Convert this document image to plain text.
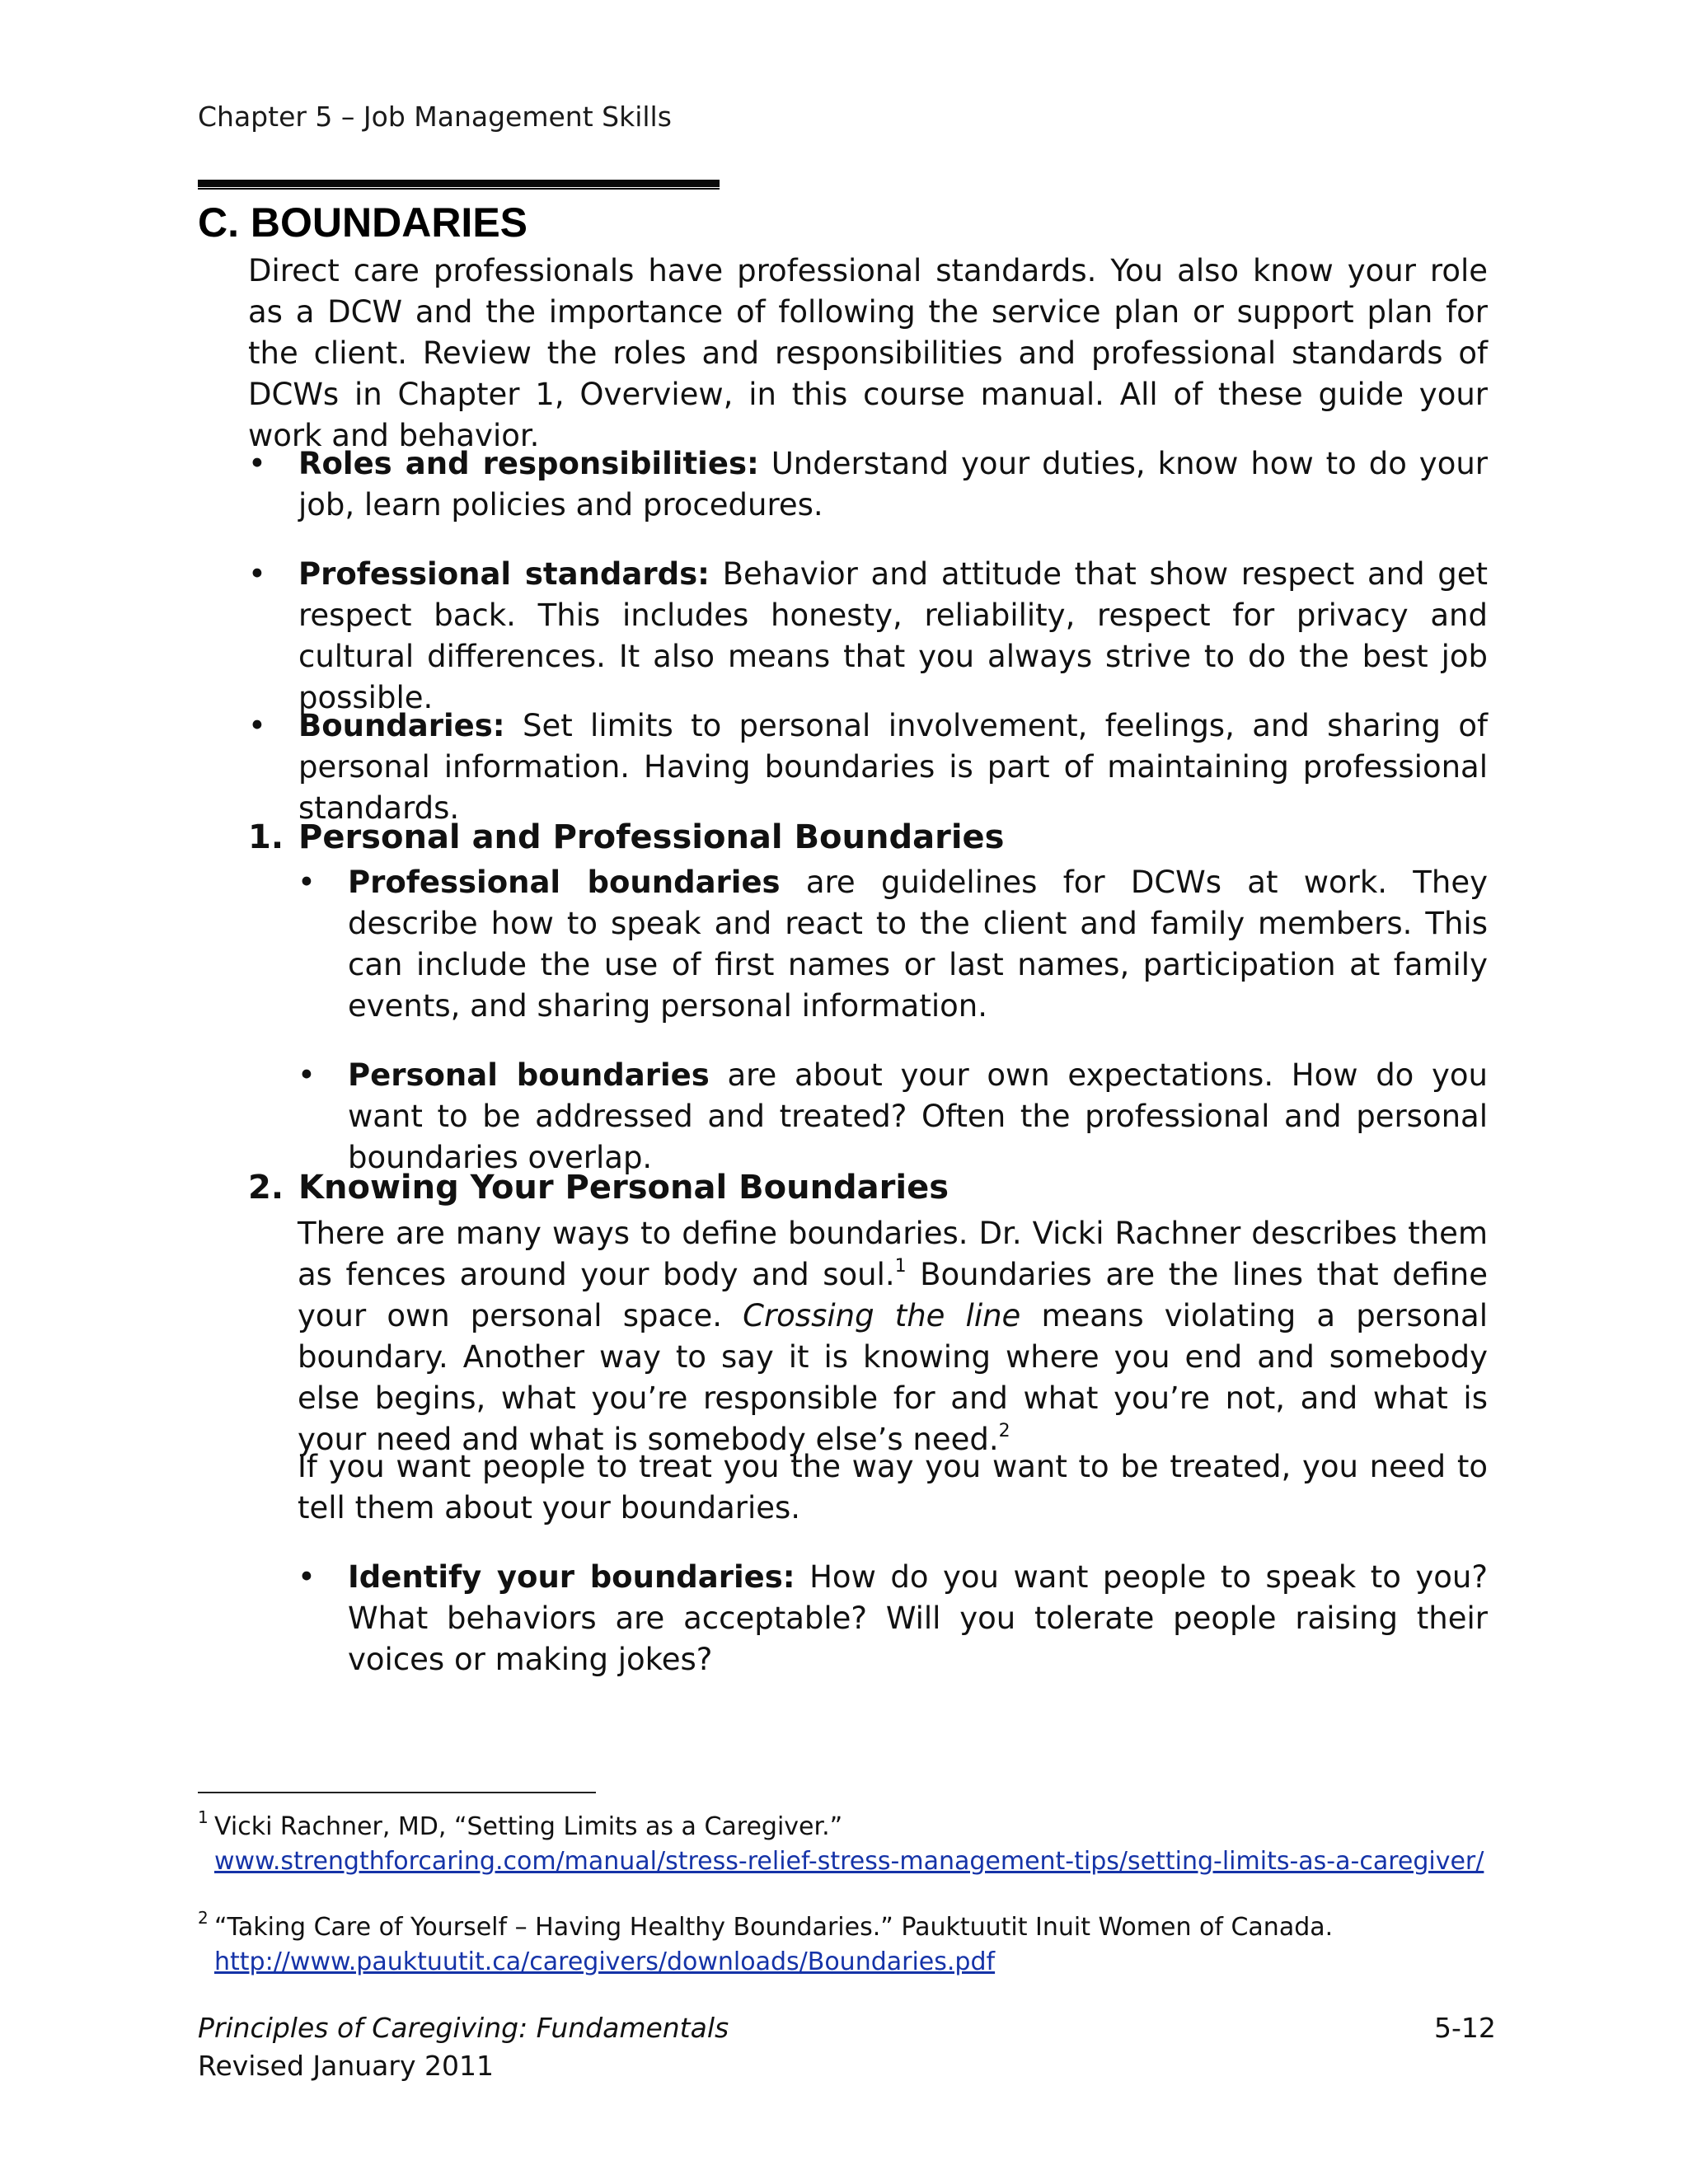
Chapter 5 – Job Management Skills
C. BOUNDARIES

Direct care professionals have professional standards. You also know your role as a DCW and the importance of following the service plan or support plan for the client. Review the roles and responsibilities and professional standards of DCWs in Chapter 1, Overview, in this course manual. All of these guide your work and behavior.

•	Roles and responsibilities: Understand your duties, know how to do your job, learn policies and procedures.

•	Professional standards: Behavior and attitude that show respect and get respect back. This includes honesty, reliability, respect for privacy and cultural differences. It also means that you always strive to do the best job possible.

•	Boundaries: Set limits to personal involvement, feelings, and sharing of personal information. Having boundaries is part of maintaining professional standards.

1. Personal and Professional Boundaries
•	Professional boundaries are guidelines for DCWs at work. They describe how to speak and react to the client and family members. This can include the use of first names or last names, participation at family events, and sharing personal information.

•	Personal boundaries are about your own expectations. How do you want to be addressed and treated? Often the professional and personal boundaries overlap.

2. Knowing Your Personal Boundaries

There are many ways to define boundaries. Dr. Vicki Rachner describes them as fences around your body and soul.$^1$ Boundaries are the lines that define your own personal space. Crossing the line means violating a personal boundary. Another way to say it is knowing where you end and somebody else begins, what you’re responsible for and what you’re not, and what is your need and what is somebody else’s need.$^2$

If you want people to treat you the way you want to be treated, you need to tell them about your boundaries.

•	Identify your boundaries: How do you want people to speak to you? What behaviors are acceptable? Will you tolerate people raising their voices or making jokes?

1 Vicki Rachner, MD, “Setting Limits as a Caregiver.”
www.strengthforcaring.com/manual/stress-relief-stress-management-tips/setting-limits-as-a-caregiver/
2 “Taking Care of Yourself – Having Healthy Boundaries.” Pauktuutit Inuit Women of Canada.
http://www.pauktuutit.ca/caregivers/downloads/Boundaries.pdf
Principles of Caregiving: Fundamentals
Revised January 2011
5-12
